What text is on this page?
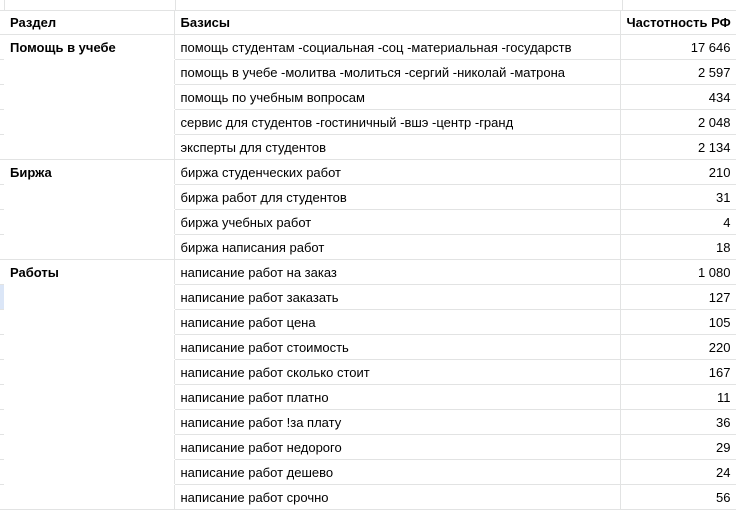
	Раздел	Базисы	Частотность РФ
	Помощь в учебе	помощь студентам -социальная -соц -материальная -государств	17 646
		помощь в учебе -молитва -молиться -сергий -николай -матрона	2 597
		помощь по учебным вопросам	434
		сервис для студентов -гостиничный -вшэ -центр -гранд	2 048
		эксперты для студентов	2 134
	Биржа	биржа студенческих работ	210
		биржа работ для студентов	31
		биржа учебных работ	4
		биржа написания работ	18
	Работы	написание работ на заказ	1 080
		написание работ заказать	127
		написание работ цена	105
		написание работ стоимость	220
		написание работ сколько стоит	167
		написание работ платно	11
		написание работ !за плату	36
		написание работ недорого	29
		написание работ дешево	24
		написание работ срочно	56
